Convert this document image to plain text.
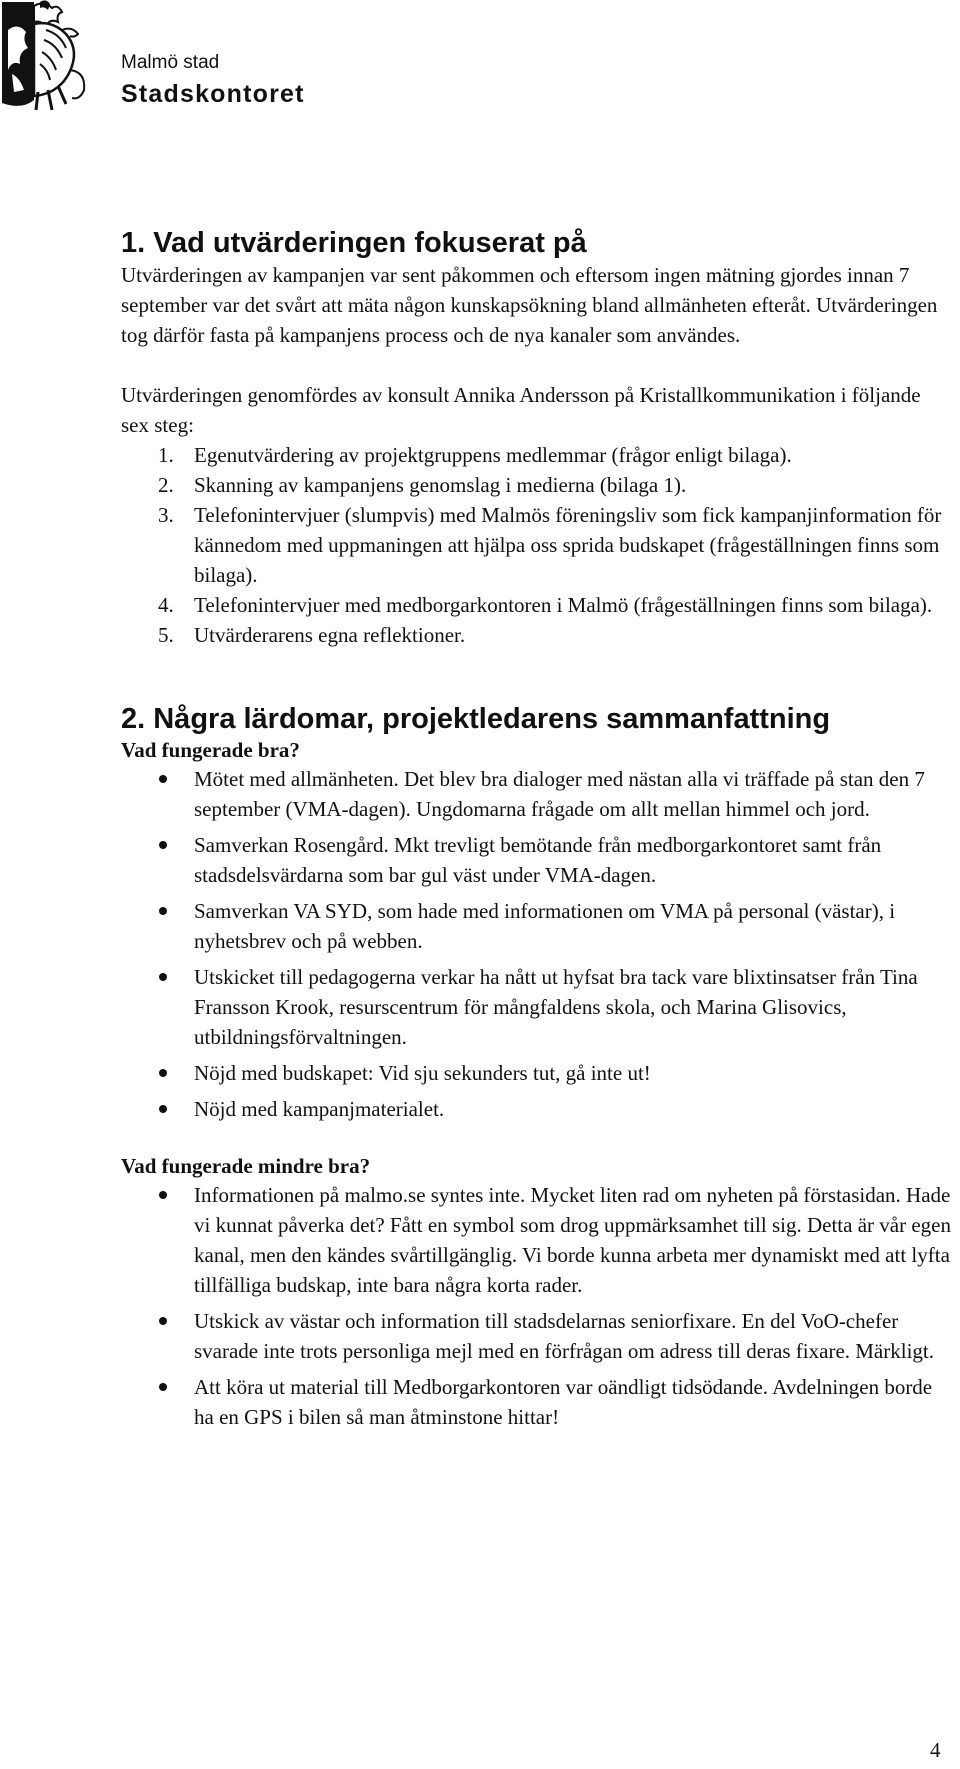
Malmö stad

Stadskontoret

1. Vad utvärderingen fokuserat på

Utvärderingen av kampanjen var sent påkommen och eftersom ingen mätning gjordes innan 7 september var det svårt att mäta någon kunskapsökning bland allmänheten efteråt. Utvärderingen tog därför fasta på kampanjens process och de nya kanaler som användes.

Utvärderingen genomfördes av konsult Annika Andersson på Kristallkommunikation i följande sex steg:

1. Egenutvärdering av projektgruppens medlemmar (frågor enligt bilaga).
2. Skanning av kampanjens genomslag i medierna (bilaga 1).
3. Telefonintervjuer (slumpvis) med Malmös föreningsliv som fick kampanjinformation för kännedom med uppmaningen att hjälpa oss sprida budskapet (frågeställningen finns som bilaga).
4. Telefonintervjuer med medborgarkontoren i Malmö (frågeställningen finns som bilaga).
5. Utvärderarens egna reflektioner.
2. Några lärdomar, projektledarens sammanfattning
Vad fungerade bra?
Mötet med allmänheten. Det blev bra dialoger med nästan alla vi träffade på stan den 7 september (VMA-dagen). Ungdomarna frågade om allt mellan himmel och jord.
Samverkan Rosengård. Mkt trevligt bemötande från medborgarkontoret samt från stadsdelsvärdarna som bar gul väst under VMA-dagen.
Samverkan VA SYD, som hade med informationen om VMA på personal (västar), i nyhetsbrev och på webben.
Utskicket till pedagogerna verkar ha nått ut hyfsat bra tack vare blixtinsatser från Tina Fransson Krook, resurscentrum för mångfaldens skola, och Marina Glisovics, utbildningsförvaltningen.
Nöjd med budskapet: Vid sju sekunders tut, gå inte ut!
Nöjd med kampanjmaterialet.
Vad fungerade mindre bra?
Informationen på malmo.se syntes inte. Mycket liten rad om nyheten på förstasidan. Hade vi kunnat påverka det? Fått en symbol som drog uppmärksamhet till sig. Detta är vår egen kanal, men den kändes svårtillgänglig. Vi borde kunna arbeta mer dynamiskt med att lyfta tillfälliga budskap, inte bara några korta rader.
Utskick av västar och information till stadsdelarnas seniorfixare. En del VoO-chefer svarade inte trots personliga mejl med en förfrågan om adress till deras fixare. Märkligt.
Att köra ut material till Medborgarkontoren var oändligt tidsödande. Avdelningen borde ha en GPS i bilen så man åtminstone hittar!

4
